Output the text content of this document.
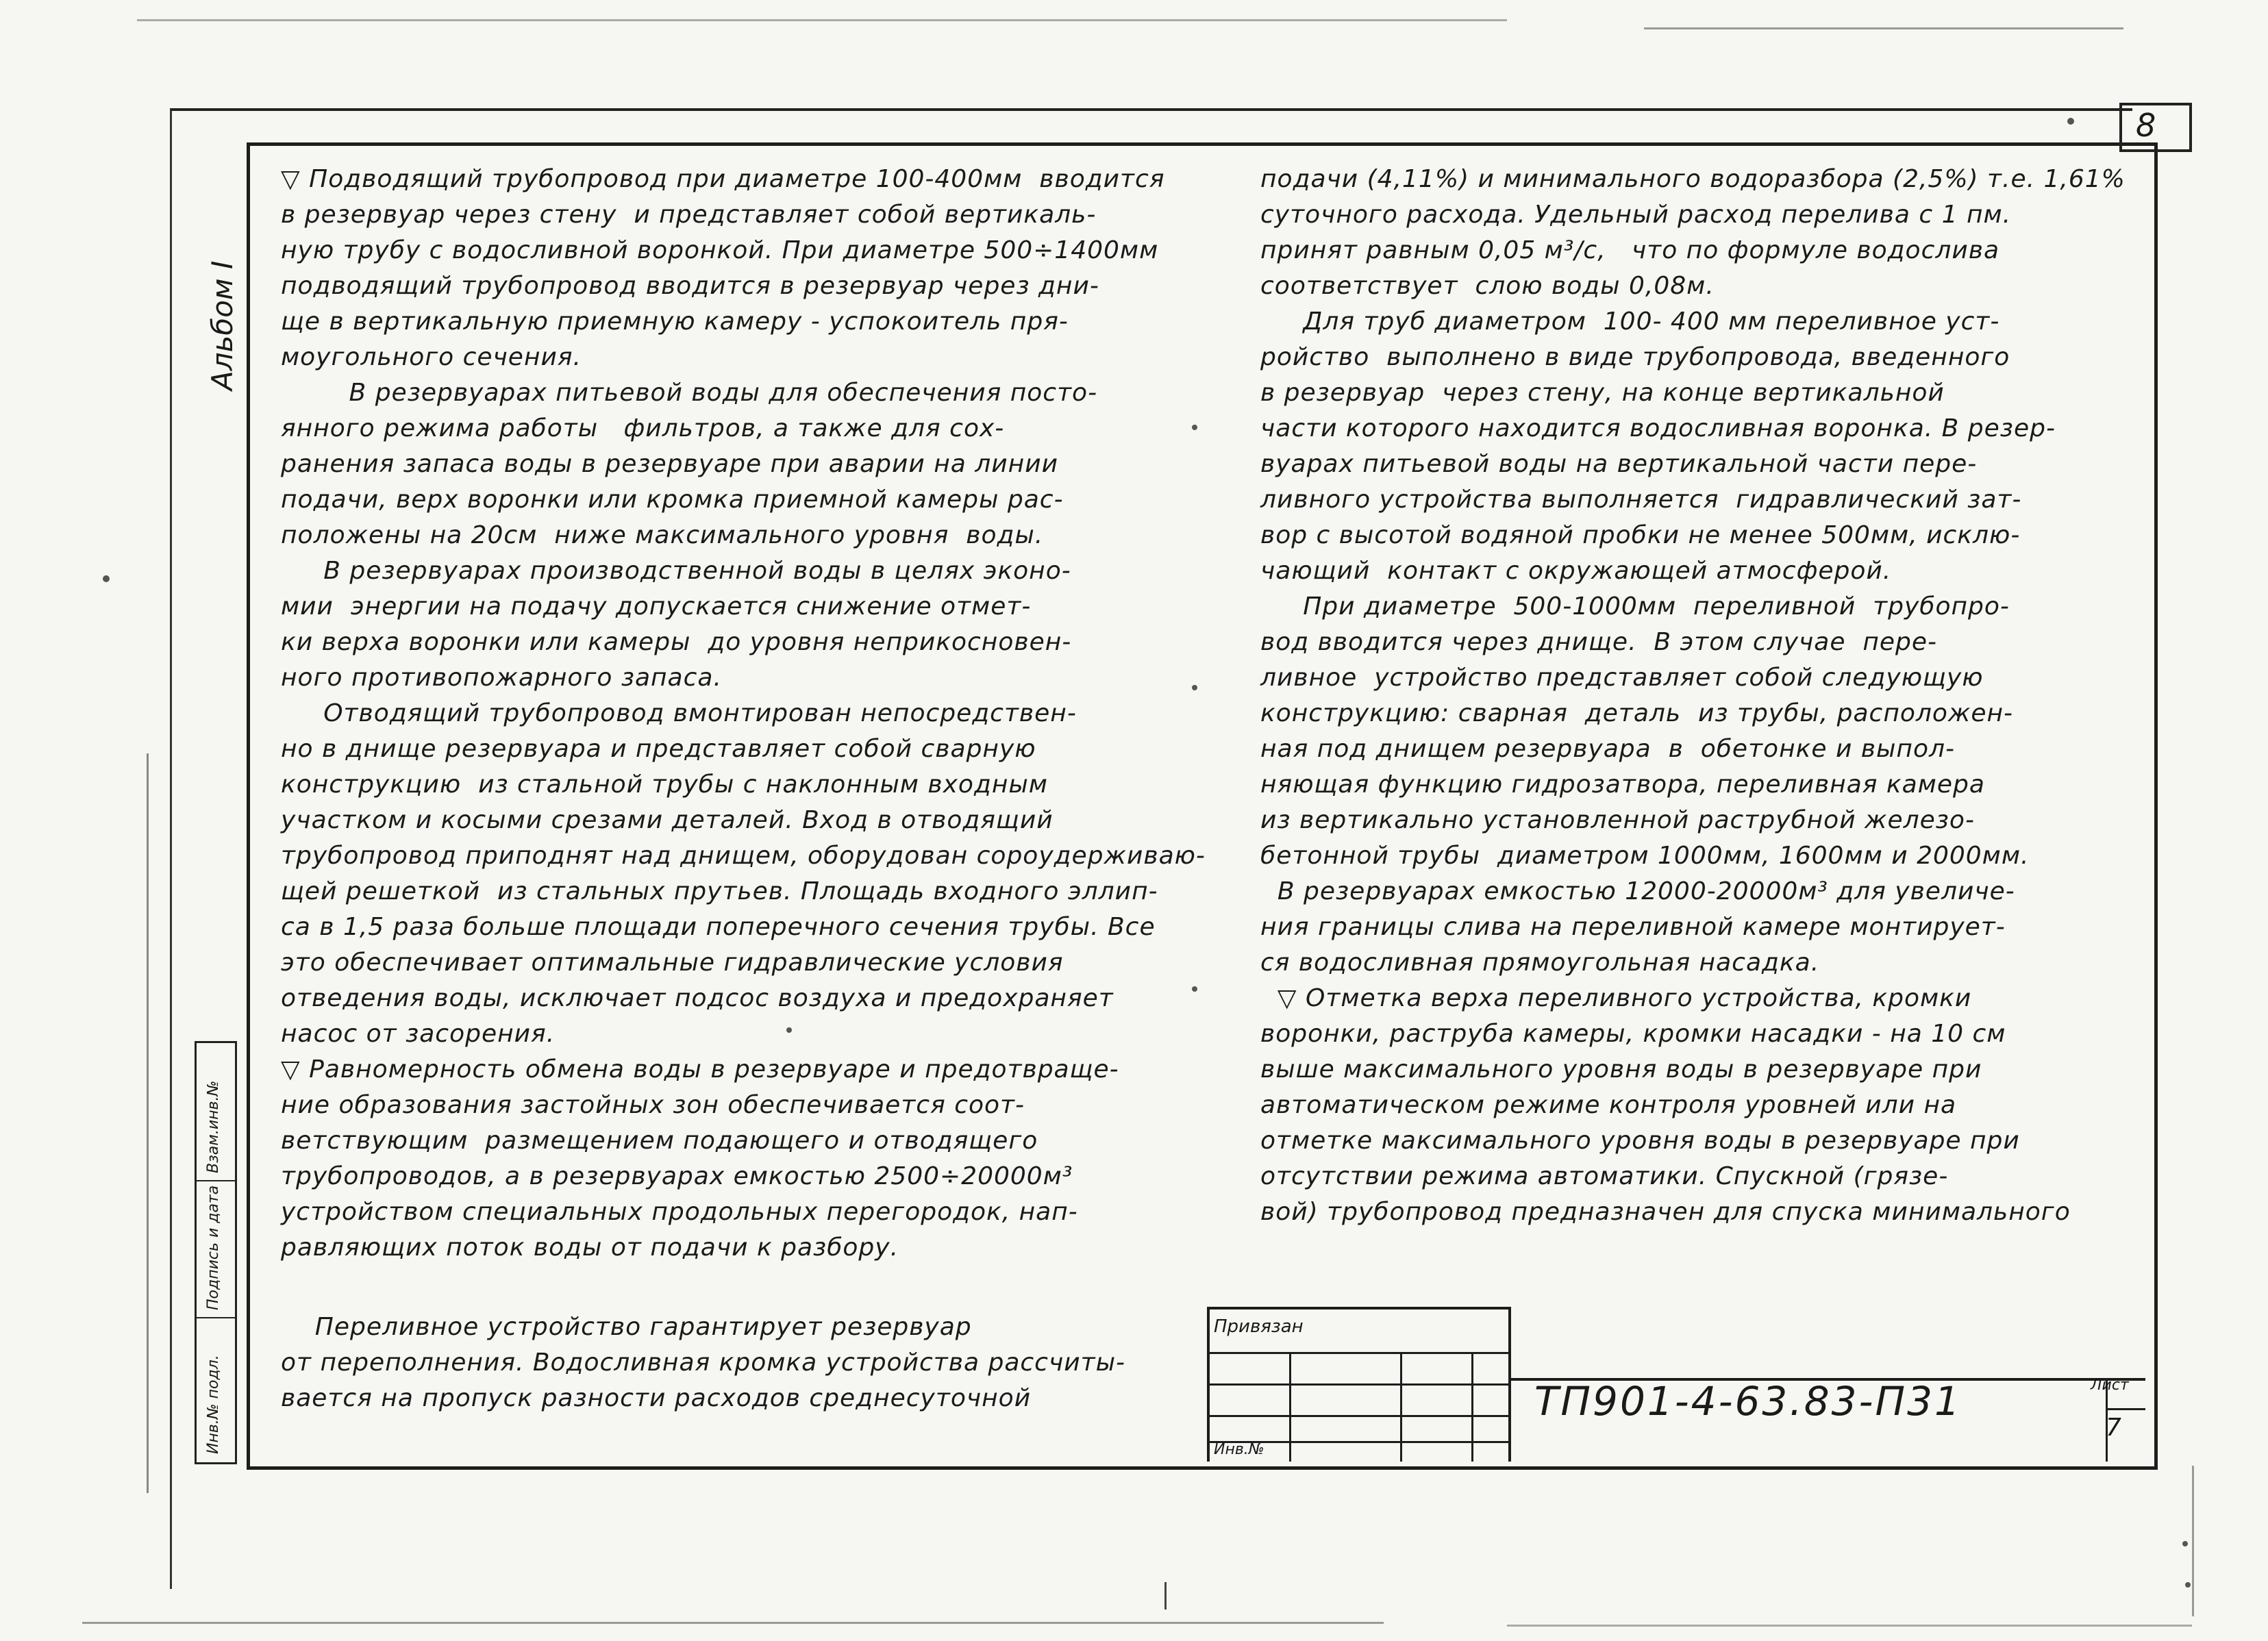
8
Альбом I
Взам.инв.№
Подпись и дата
Инв.№ подл.

▽ Подводящий трубопровод при диаметре 100-400мм  вводится

в резервуар через стену  и представляет собой вертикаль-

ную трубу с водосливной воронкой. При диаметре 500÷1400мм

подводящий трубопровод вводится в резервуар через дни-

ще в вертикальную приемную камеру - успокоитель пря-

моугольного сечения.

В резервуарах питьевой воды для обеспечения посто-

янного режима работы   фильтров, а также для сох-

ранения запаса воды в резервуаре при аварии на линии

подачи, верх воронки или кромка приемной камеры рас-

положены на 20см  ниже максимального уровня  воды.

В резервуарах производственной воды в целях эконо-

мии  энергии на подачу допускается снижение отмет-

ки верха воронки или камеры  до уровня неприкосновен-

ного противопожарного запаса.

Отводящий трубопровод вмонтирован непосредствен-

но в днище резервуара и представляет собой сварную

конструкцию  из стальной трубы с наклонным входным

участком и косыми срезами деталей. Вход в отводящий

трубопровод приподнят над днищем, оборудован сороудерживаю-

щей решеткой  из стальных прутьев. Площадь входного эллип-

са в 1,5 раза больше площади поперечного сечения трубы. Все

это обеспечивает оптимальные гидравлические условия

отведения воды, исключает подсос воздуха и предохраняет

насос от засорения.

▽ Равномерность обмена воды в резервуаре и предотвраще-

ние образования застойных зон обеспечивается соот-

ветствующим  размещением подающего и отводящего

трубопроводов, а в резервуарах емкостью 2500÷20000м³

устройством специальных продольных перегородок, нап-

равляющих поток воды от подачи к разбору.

Переливное устройство гарантирует резервуар

от переполнения. Водосливная кромка устройства рассчиты-

вается на пропуск разности расходов среднесуточной

подачи (4,11%) и минимального водоразбора (2,5%) т.е. 1,61%

суточного расхода. Удельный расход перелива с 1 пм.

принят равным 0,05 м³/с,   что по формуле водослива

соответствует  слою воды 0,08м.

Для труб диаметром  100- 400 мм переливное уст-

ройство  выполнено в виде трубопровода, введенного

в резервуар  через стену, на конце вертикальной

части которого находится водосливная воронка. В резер-

вуарах питьевой воды на вертикальной части пере-

ливного устройства выполняется  гидравлический зат-

вор с высотой водяной пробки не менее 500мм, исклю-

чающий  контакт с окружающей атмосферой.

При диаметре  500-1000мм  переливной  трубопро-

вод вводится через днище.  В этом случае  пере-

ливное  устройство представляет собой следующую

конструкцию: сварная  деталь  из трубы, расположен-

ная под днищем резервуара  в  обетонке и выпол-

няющая функцию гидрозатвора, переливная камера

из вертикально установленной раструбной железо-

бетонной трубы  диаметром 1000мм, 1600мм и 2000мм.

В резервуарах емкостью 12000-20000м³ для увеличе-

ния границы слива на переливной камере монтирует-

ся водосливная прямоугольная насадка.

▽ Отметка верха переливного устройства, кромки

воронки, раструба камеры, кромки насадки - на 10 см

выше максимального уровня воды в резервуаре при

автоматическом режиме контроля уровней или на

отметке максимального уровня воды в резервуаре при

отсутствии режима автоматики. Спускной (грязе-

вой) трубопровод предназначен для спуска минимального

Привязан
Инв.№
ТП901-4-63.83-П31	Лист
7
